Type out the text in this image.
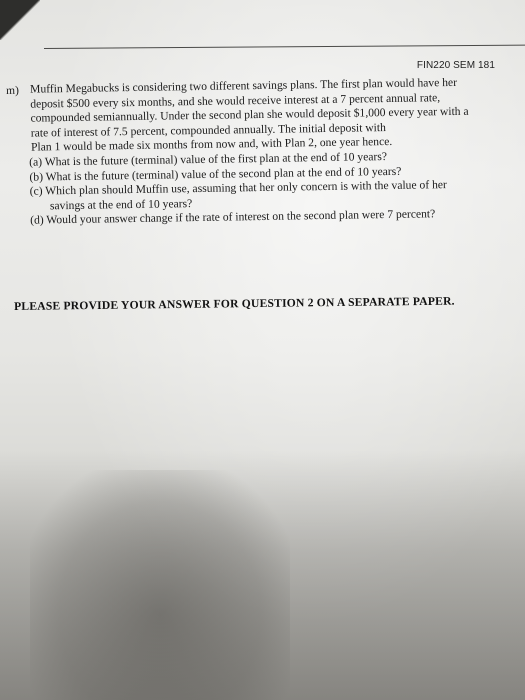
FIN220 SEM 181
m) Muffin Megabucks is considering two different savings plans. The first plan would have her
deposit $500 every six months, and she would receive interest at a 7 percent annual rate,
compounded semiannually. Under the second plan she would deposit $1,000 every year with a
rate of interest of 7.5 percent, compounded annually. The initial deposit with
Plan 1 would be made six months from now and, with Plan 2, one year hence.
(a) What is the future (terminal) value of the first plan at the end of 10 years?
(b) What is the future (terminal) value of the second plan at the end of 10 years?
(c) Which plan should Muffin use, assuming that her only concern is with the value of her
savings at the end of 10 years?
(d) Would your answer change if the rate of interest on the second plan were 7 percent?
PLEASE PROVIDE YOUR ANSWER FOR QUESTION 2 ON A SEPARATE PAPER.
